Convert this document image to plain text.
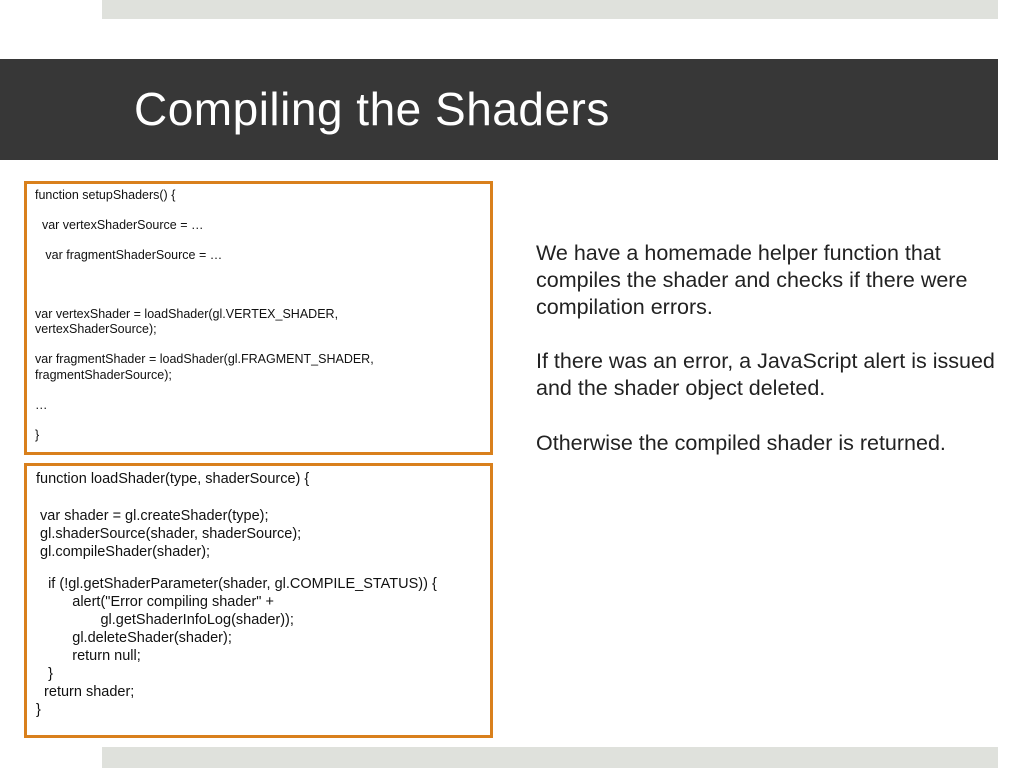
Compiling the Shaders
function setupShaders() {
var vertexShaderSource = …
var fragmentShaderSource = …
var vertexShader = loadShader(gl.VERTEX_SHADER,
vertexShaderSource);
var fragmentShader = loadShader(gl.FRAGMENT_SHADER,
fragmentShaderSource);
…
}
function loadShader(type, shaderSource) {
var shader = gl.createShader(type);
gl.shaderSource(shader, shaderSource);
gl.compileShader(shader);
if (!gl.getShaderParameter(shader, gl.COMPILE_STATUS)) {
alert("Error compiling shader" +
gl.getShaderInfoLog(shader));
gl.deleteShader(shader);
return null;
}
return shader;
}
We have a homemade helper function that compiles the shader and checks if there were compilation errors.
If there was an error, a JavaScript alert is issued and the shader object deleted.
Otherwise the compiled shader is returned.
